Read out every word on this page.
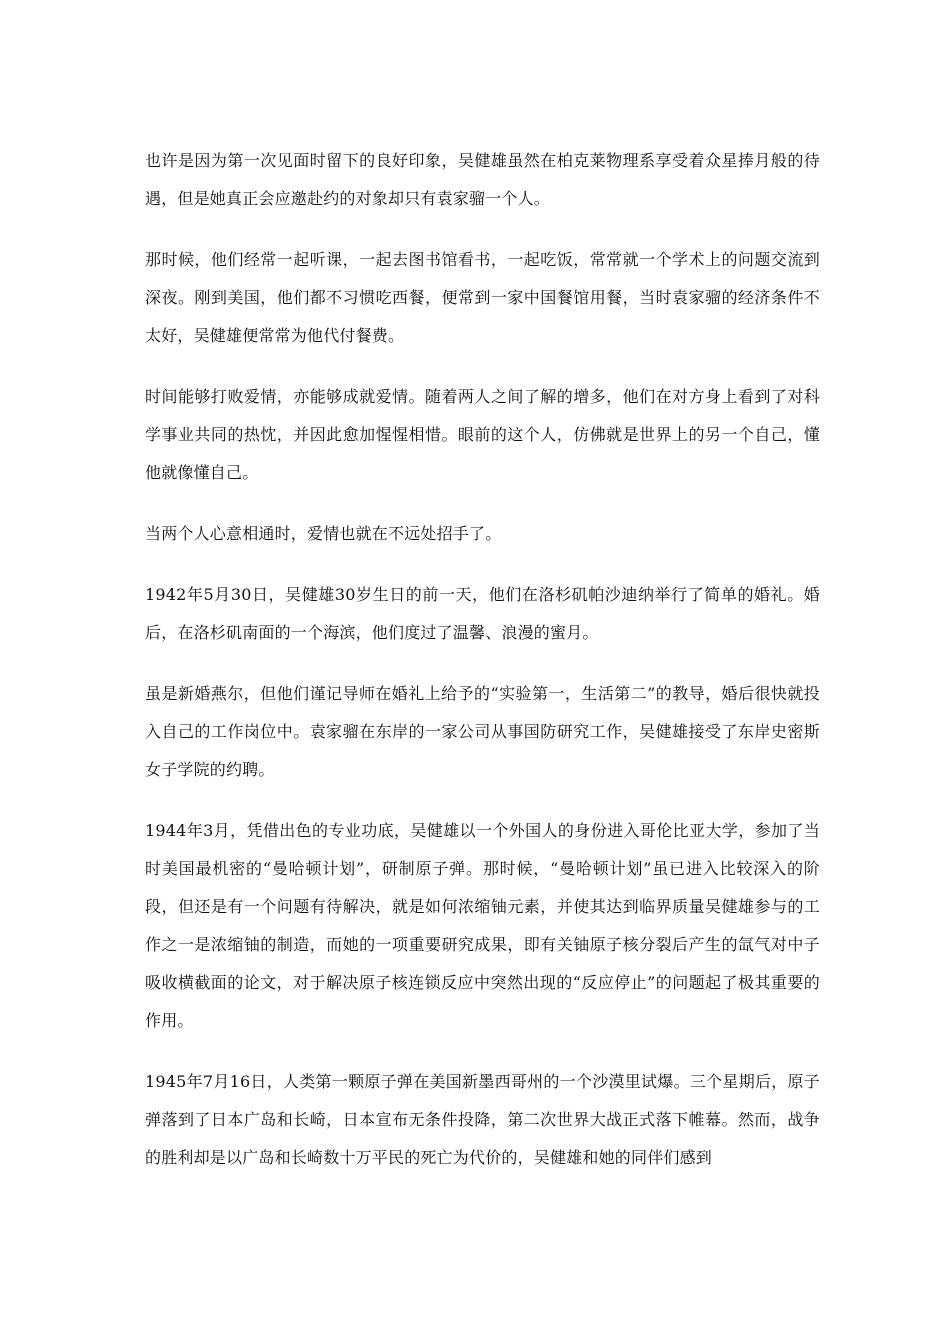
也许是因为第一次见面时留下的良好印象，吴健雄虽然在柏克莱物理系享受着众星捧月般的待遇，但是她真正会应邀赴约的对象却只有袁家骝一个人。

那时候，他们经常一起听课，一起去图书馆看书，一起吃饭，常常就一个学术上的问题交流到深夜。刚到美国，他们都不习惯吃西餐，便常到一家中国餐馆用餐，当时袁家骝的经济条件不太好，吴健雄便常常为他代付餐费。

时间能够打败爱情，亦能够成就爱情。随着两人之间了解的增多，他们在对方身上看到了对科学事业共同的热忱，并因此愈加惺惺相惜。眼前的这个人，仿佛就是世界上的另一个自己，懂他就像懂自己。

当两个人心意相通时，爱情也就在不远处招手了。

1942年5月30日，吴健雄30岁生日的前一天，他们在洛杉矶帕沙迪纳举行了简单的婚礼。婚后，在洛杉矶南面的一个海滨，他们度过了温馨、浪漫的蜜月。

虽是新婚燕尔，但他们谨记导师在婚礼上给予的“实验第一，生活第二”的教导，婚后很快就投入自己的工作岗位中。袁家骝在东岸的一家公司从事国防研究工作，吴健雄接受了东岸史密斯女子学院的约聘。

1944年3月，凭借出色的专业功底，吴健雄以一个外国人的身份进入哥伦比亚大学，参加了当时美国最机密的“曼哈顿计划”，研制原子弹。那时候，“曼哈顿计划”虽已进入比较深入的阶段，但还是有一个问题有待解决，就是如何浓缩铀元素，并使其达到临界质量吴健雄参与的工作之一是浓缩铀的制造，而她的一项重要研究成果，即有关铀原子核分裂后产生的氙气对中子吸收横截面的论文，对于解决原子核连锁反应中突然出现的“反应停止”的问题起了极其重要的作用。

1945年7月16日，人类第一颗原子弹在美国新墨西哥州的一个沙漠里试爆。三个星期后，原子弹落到了日本广岛和长崎，日本宣布无条件投降，第二次世界大战正式落下帷幕。然而，战争的胜利却是以广岛和长崎数十万平民的死亡为代价的，吴健雄和她的同伴们感到
